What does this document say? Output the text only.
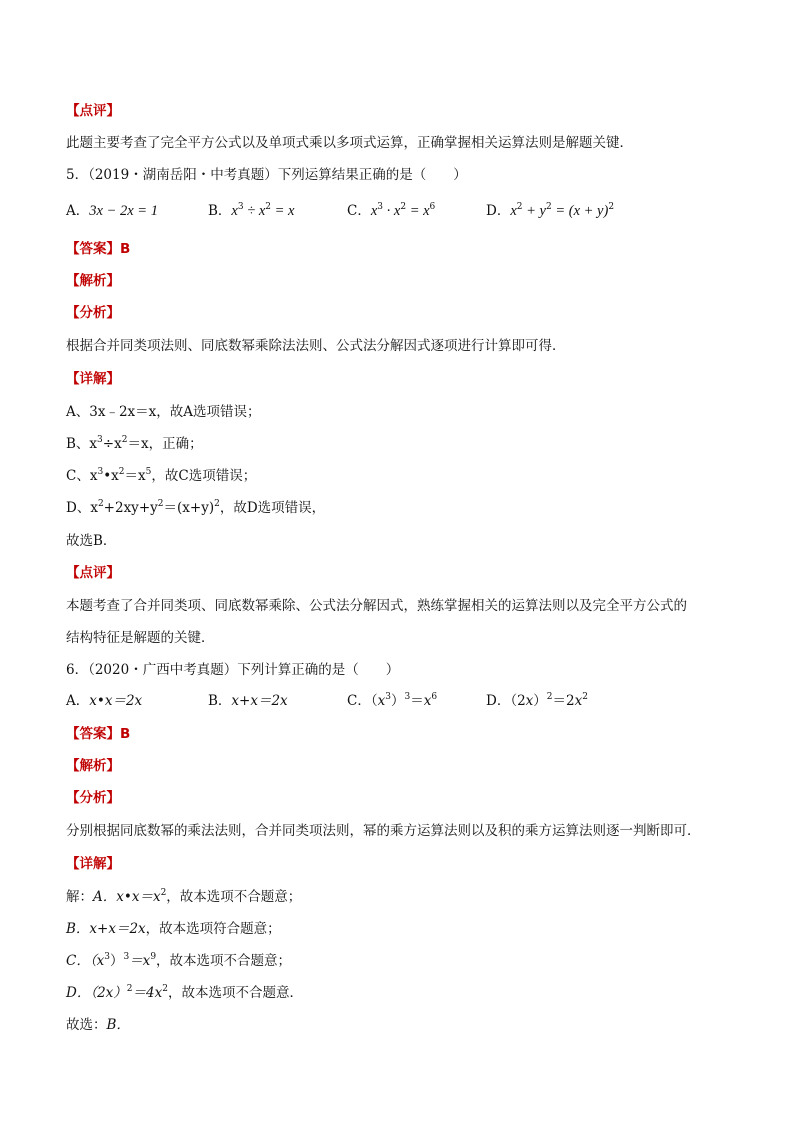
【点评】
此题主要考查了完全平方公式以及单项式乘以多项式运算，正确掌握相关运算法则是解题关键．
5．（2019・湖南岳阳・中考真题）下列运算结果正确的是（　　）
A．3x − 2x = 1	B．$x^3 \div x^2 = x$	C．$x^3 \cdot x^2 = x^6$	D．$x^2 + y^2 = (x + y)^2$
【答案】B
【解析】
【分析】
根据合并同类项法则、同底数幂乘除法法则、公式法分解因式逐项进行计算即可得．
【详解】
A、3x﹣2x＝x，故A选项错误；
B、$x^3\div x^2=x$，正确；
C、$x^3•x^2=x^5$，故C选项错误；
D、$x^2+2xy+y^2=(x+y)^2$，故D选项错误，
故选B．
【点评】
本题考查了合并同类项、同底数幂乘除、公式法分解因式，熟练掌握相关的运算法则以及完全平方公式的
结构特征是解题的关键．
6．（2020・广西中考真题）下列计算正确的是（　　）
A．x•x＝2x	B．x+x＝2x	C．$(x^3)^3=x^6$	D．$(2x)^2=2x^2$
【答案】B
【解析】
【分析】
分别根据同底数幂的乘法法则，合并同类项法则，幂的乘方运算法则以及积的乘方运算法则逐一判断即可．
【详解】
解：A．$x•x=x^2$，故本选项不合题意；
B．x+x＝2x，故本选项符合题意；
C．$(x^3)^3=x^9$，故本选项不合题意；
D．$(2x)^2=4x^2$，故本选项不合题意．
故选：B．
